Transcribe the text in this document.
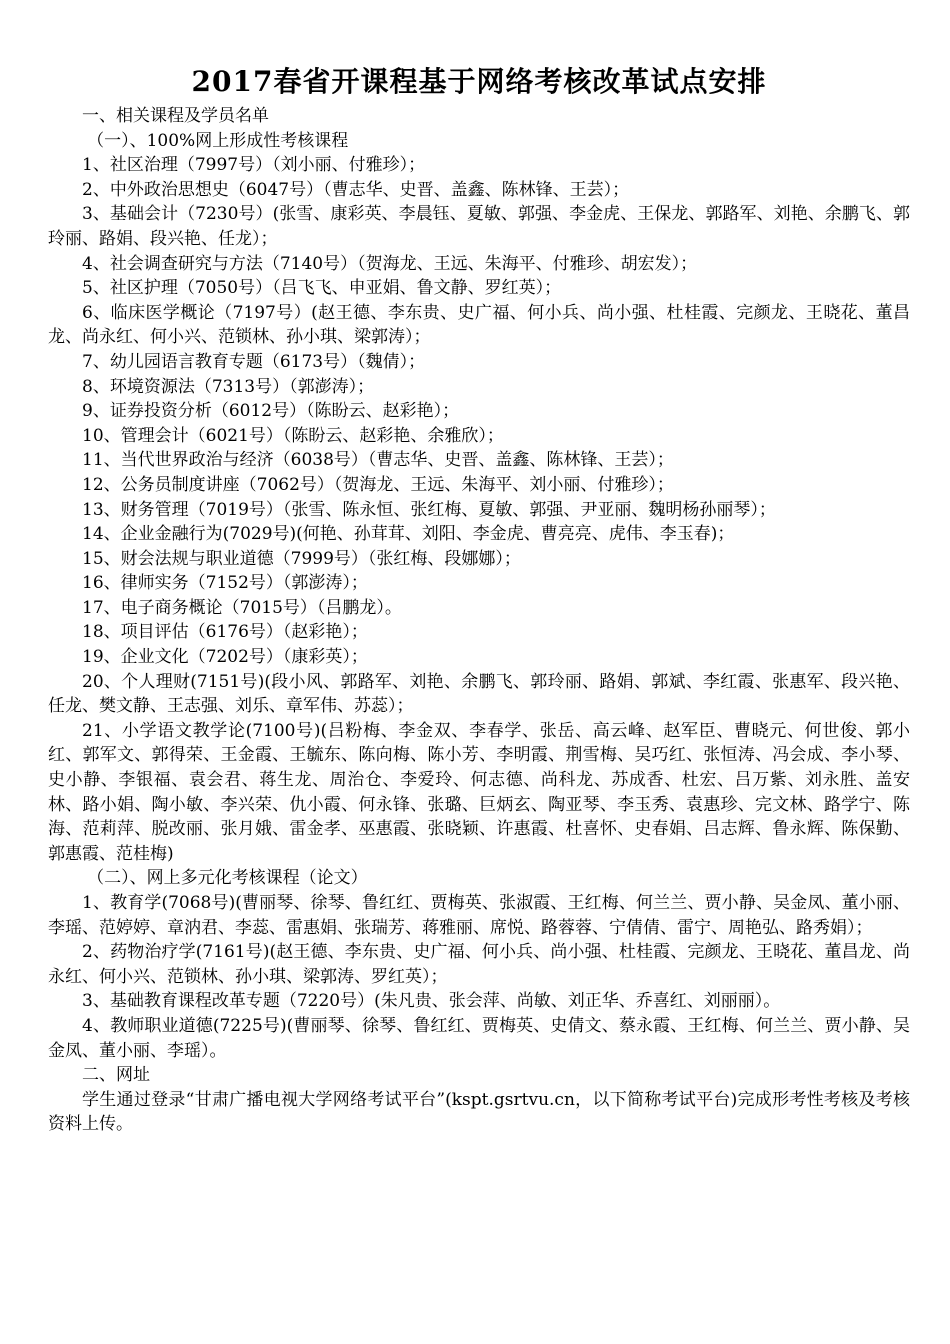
2017春省开课程基于网络考核改革试点安排

一、相关课程及学员名单

（一）、100%网上形成性考核课程

1、社区治理（7997号）（刘小丽、付雅珍）；

2、中外政治思想史（6047号）（曹志华、史晋、盖鑫、陈林锋、王芸）；

3、基础会计（7230号）(张雪、康彩英、李晨钰、夏敏、郭强、李金虎、王保龙、郭路军、刘艳、余鹏飞、郭玲丽、路娟、段兴艳、任龙）；

4、社会调查研究与方法（7140号）（贺海龙、王远、朱海平、付雅珍、胡宏发）；

5、社区护理（7050号）（吕飞飞、申亚娟、鲁文静、罗红英）；

6、临床医学概论（7197号）(赵王德、李东贵、史广福、何小兵、尚小强、杜桂霞、完颜龙、王晓花、董昌龙、尚永红、何小兴、范锁林、孙小琪、梁郭涛）；

7、幼儿园语言教育专题（6173号）（魏倩）；

8、环境资源法（7313号）（郭澎涛）；

9、证券投资分析（6012号）（陈盼云、赵彩艳）；

10、管理会计（6021号）（陈盼云、赵彩艳、余雅欣）；

11、当代世界政治与经济（6038号）（曹志华、史晋、盖鑫、陈林锋、王芸）；

12、公务员制度讲座（7062号）（贺海龙、王远、朱海平、刘小丽、付雅珍）；

13、财务管理（7019号）（张雪、陈永恒、张红梅、夏敏、郭强、尹亚丽、魏明杨孙丽琴）；

14、企业金融行为(7029号)(何艳、孙茸茸、刘阳、李金虎、曹亮亮、虎伟、李玉春)；

15、财会法规与职业道德（7999号）（张红梅、段娜娜）；

16、律师实务（7152号）（郭澎涛）；

17、电子商务概论（7015号）（吕鹏龙）。

18、项目评估（6176号）（赵彩艳）；

19、企业文化（7202号）（康彩英）；

20、个人理财(7151号)(段小风、郭路军、刘艳、余鹏飞、郭玲丽、路娟、郭斌、李红霞、张惠军、段兴艳、任龙、樊文静、王志强、刘乐、章军伟、苏蕊）；

21、小学语文教学论(7100号)(吕粉梅、李金双、李春学、张岳、高云峰、赵军臣、曹晓元、何世俊、郭小红、郭军文、郭得荣、王金霞、王毓东、陈向梅、陈小芳、李明霞、荆雪梅、吴巧红、张恒涛、冯会成、李小琴、史小静、李银福、袁会君、蒋生龙、周治仓、李爱玲、何志德、尚科龙、苏成香、杜宏、吕万紫、刘永胜、盖安林、路小娟、陶小敏、李兴荣、仇小霞、何永锋、张璐、巨炳玄、陶亚琴、李玉秀、袁惠珍、完文林、路学宁、陈海、范莉萍、脱改丽、张月娥、雷金孝、巫惠霞、张晓颖、许惠霞、杜喜怀、史春娟、吕志辉、鲁永辉、陈保勤、郭惠霞、范桂梅)

（二）、网上多元化考核课程（论文）

1、教育学(7068号)(曹丽琴、徐琴、鲁红红、贾梅英、张淑霞、王红梅、何兰兰、贾小静、吴金凤、董小丽、李瑶、范婷婷、章汭君、李蕊、雷惠娟、张瑞芳、蒋雅丽、席悦、路蓉蓉、宁倩倩、雷宁、周艳弘、路秀娟）；

2、药物治疗学(7161号)(赵王德、李东贵、史广福、何小兵、尚小强、杜桂霞、完颜龙、王晓花、董昌龙、尚永红、何小兴、范锁林、孙小琪、梁郭涛、罗红英）；

3、基础教育课程改革专题（7220号）(朱凡贵、张会萍、尚敏、刘正华、乔喜红、刘丽丽）。

4、教师职业道德(7225号)(曹丽琴、徐琴、鲁红红、贾梅英、史倩文、蔡永霞、王红梅、何兰兰、贾小静、吴金凤、董小丽、李瑶）。

二、网址

学生通过登录“甘肃广播电视大学网络考试平台”(kspt.gsrtvu.cn，以下简称考试平台)完成形考性考核及考核资料上传。
